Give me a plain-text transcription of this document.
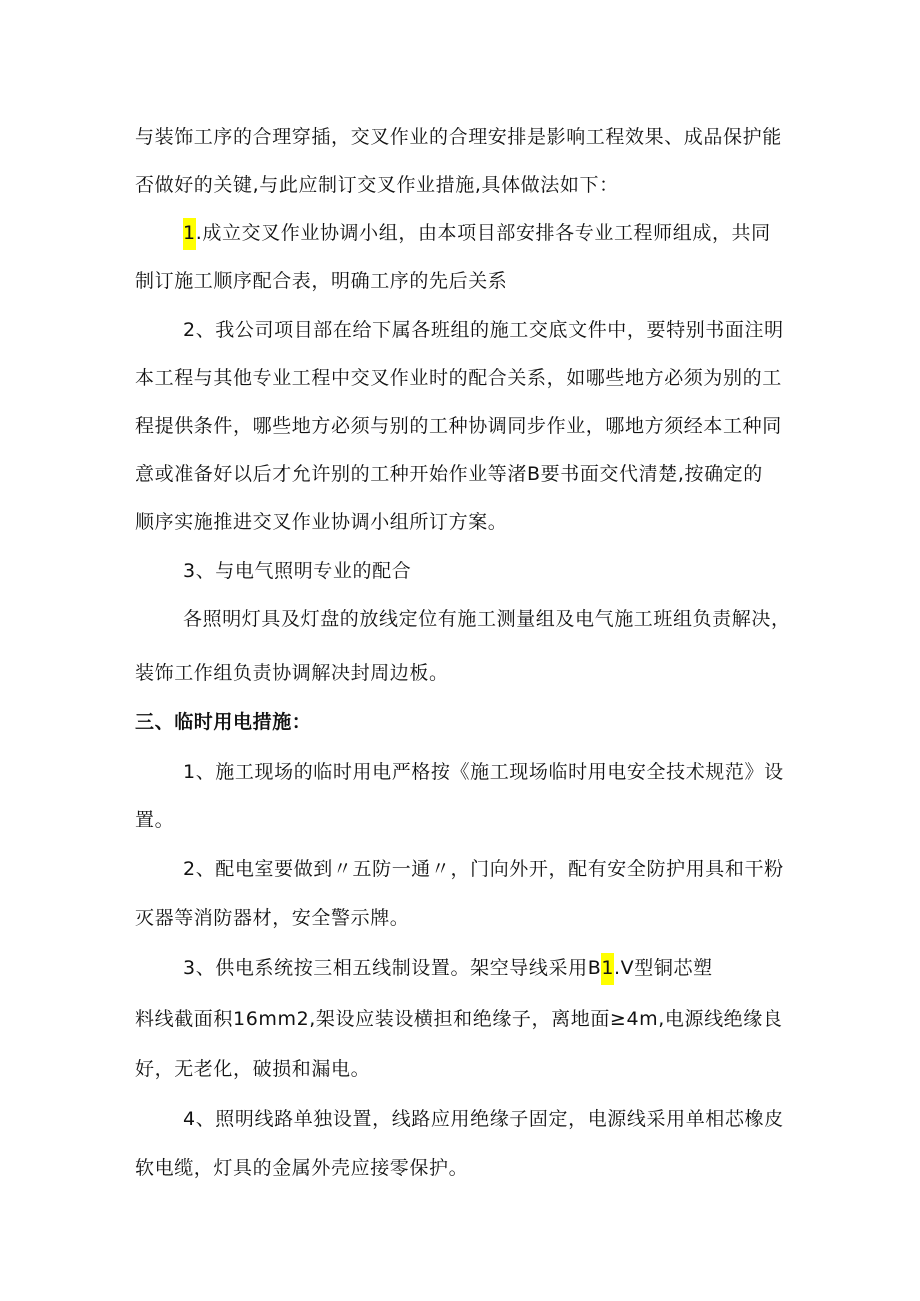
与装饰工序的合理穿插，交叉作业的合理安排是影响工程效果、成品保护能
否做好的关键,与此应制订交叉作业措施,具体做法如下：
1.成立交叉作业协调小组，由本项目部安排各专业工程师组成，共同
制订施工顺序配合表，明确工序的先后关系
2、我公司项目部在给下属各班组的施工交底文件中，要特别书面注明
本工程与其他专业工程中交叉作业时的配合关系，如哪些地方必须为别的工
程提供条件，哪些地方必须与别的工种协调同步作业，哪地方须经本工种同
意或准备好以后才允许别的工种开始作业等渚B要书面交代清楚,按确定的
顺序实施推进交叉作业协调小组所订方案。
3、与电气照明专业的配合
各照明灯具及灯盘的放线定位有施工测量组及电气施工班组负责解决，
装饰工作组负责协调解决封周边板。
三、临时用电措施：
1、施工现场的临时用电严格按《施工现场临时用电安全技术规范》设
置。
2、配电室要做到〃五防一通〃，门向外开，配有安全防护用具和干粉
灭器等消防器材，安全警示牌。
3、供电系统按三相五线制设置。架空导线采用B1.V型铜芯塑
料线截面积16mm2,架设应装设横担和绝缘子，离地面≥4m,电源线绝缘良
好，无老化，破损和漏电。
4、照明线路单独设置，线路应用绝缘子固定，电源线采用单相芯橡皮
软电缆，灯具的金属外壳应接零保护。
